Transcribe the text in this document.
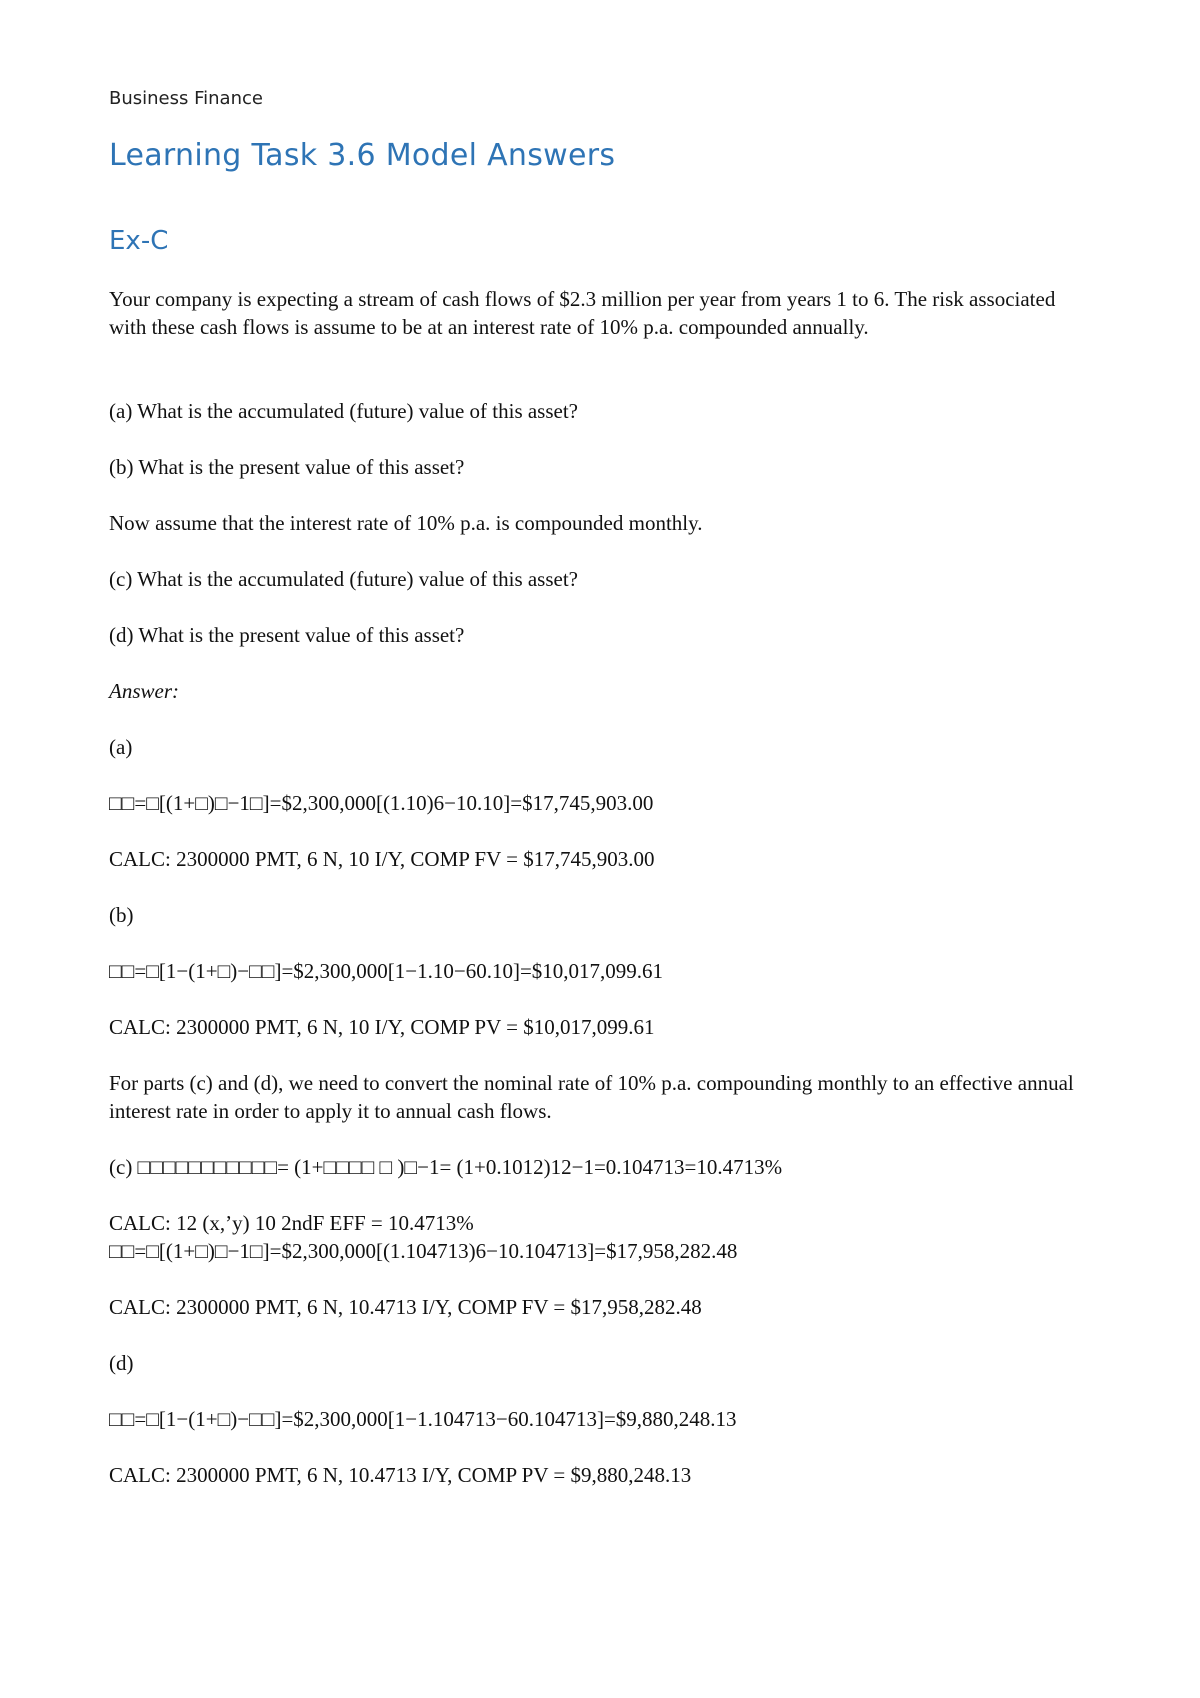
Business Finance
Learning Task 3.6 Model Answers
Ex-C

Your company is expecting a stream of cash flows of $2.3 million per year from years 1 to 6. The risk associated with these cash flows is assume to be at an interest rate of 10% p.a. compounded annually.

(a) What is the accumulated (future) value of this asset?

(b) What is the present value of this asset?

Now assume that the interest rate of 10% p.a. is compounded monthly.

(c) What is the accumulated (future) value of this asset?

(d) What is the present value of this asset?

Answer:

(a)

□□=□[(1+□)□−1□]=$2,300,000[(1.10)6−10.10]=$17,745,903.00

CALC: 2300000 PMT, 6 N, 10 I/Y, COMP FV = $17,745,903.00

(b)

□□=□[1−(1+□)−□□]=$2,300,000[1−1.10−60.10]=$10,017,099.61

CALC: 2300000 PMT, 6 N, 10 I/Y, COMP PV = $10,017,099.61

For parts (c) and (d), we need to convert the nominal rate of 10% p.a. compounding monthly to an effective annual interest rate in order to apply it to annual cash flows.

(c) □□□□□□□□□□□= (1+□□□□ □ )□−1= (1+0.1012)12−1=0.104713=10.4713%

CALC: 12 (x,’y) 10 2ndF EFF = 10.4713%

□□=□[(1+□)□−1□]=$2,300,000[(1.104713)6−10.104713]=$17,958,282.48

CALC: 2300000 PMT, 6 N, 10.4713 I/Y, COMP FV = $17,958,282.48

(d)

□□=□[1−(1+□)−□□]=$2,300,000[1−1.104713−60.104713]=$9,880,248.13

CALC: 2300000 PMT, 6 N, 10.4713 I/Y, COMP PV = $9,880,248.13
